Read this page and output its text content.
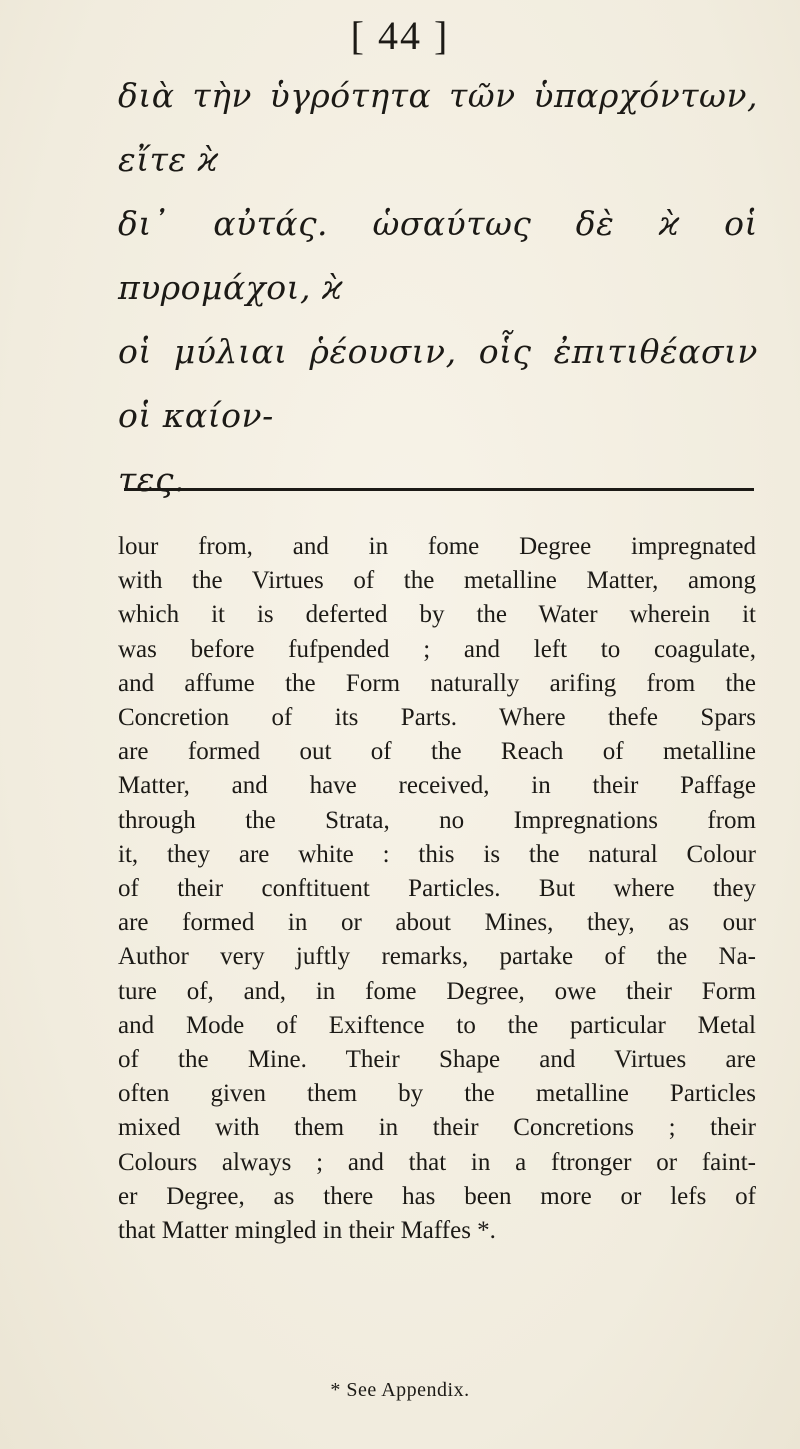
[ 44 ]
διὰ τὴν ὑγρότητα τῶν ὑπαρχόντων, εἴτε ϰ̀
δι᾽ αὐτάς. ὡσαύτως δὲ ϰ̀ οἱ πυρομάχοι, ϰ̀
οἱ μύλιαι ῥέουσιν, οἷς ἐπιτιθέασιν οἱ καίον-
τες.
lour from, and in fome Degree impregnated
with the Virtues of the metalline Matter, among
which it is deferted by the Water wherein it
was before fufpended ; and left to coagulate,
and affume the Form naturally arifing from the
Concretion of its Parts. Where thefe Spars
are formed out of the Reach of metalline
Matter, and have received, in their Paffage
through the Strata, no Impregnations from
it, they are white : this is the natural Colour
of their conftituent Particles. But where they
are formed in or about Mines, they, as our
Author very juftly remarks, partake of the Na-
ture of, and, in fome Degree, owe their Form
and Mode of Exiftence to the particular Metal
of the Mine. Their Shape and Virtues are
often given them by the metalline Particles
mixed with them in their Concretions ; their
Colours always ; and that in a ftronger or faint-
er Degree, as there has been more or lefs of
that Matter mingled in their Maffes *.
* See Appendix.
